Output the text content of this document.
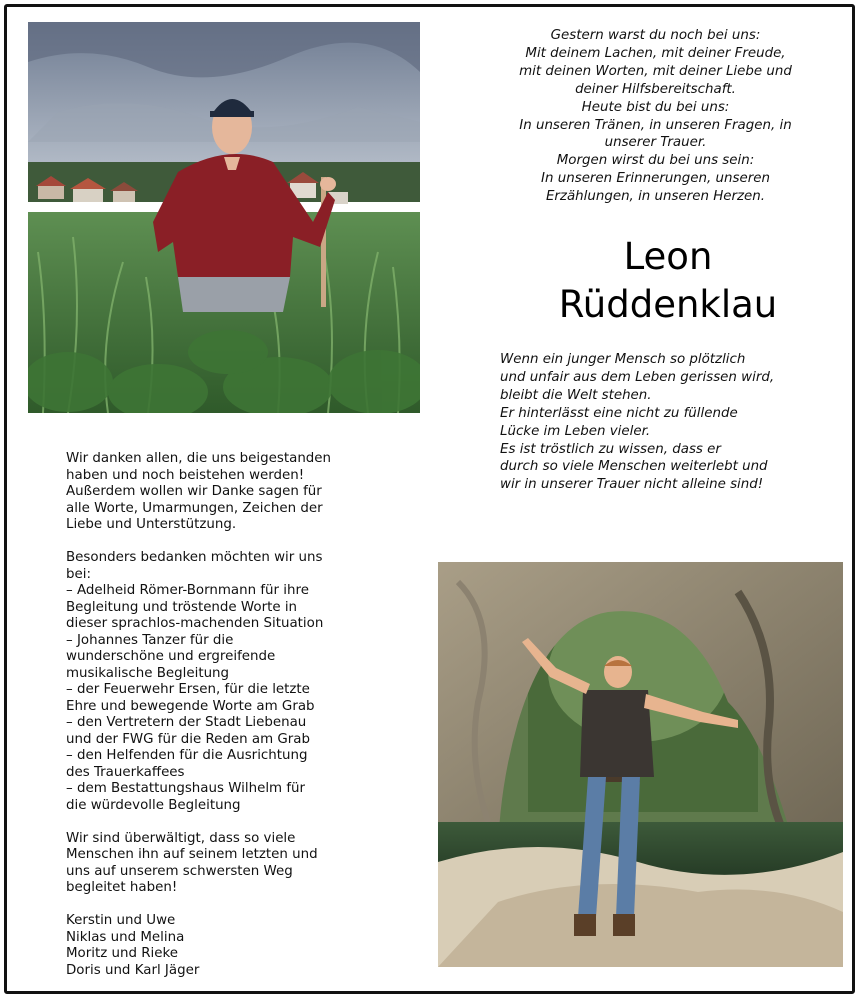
Gestern warst du noch bei uns:
Mit deinem Lachen, mit deiner Freude,
mit deinen Worten, mit deiner Liebe und
deiner Hilfsbereitschaft.
Heute bist du bei uns:
In unseren Tränen, in unseren Fragen, in
unserer Trauer.
Morgen wirst du bei uns sein:
In unseren Erinnerungen, unseren
Erzählungen, in unseren Herzen.
Leon
Rüddenklau
Wenn ein junger Mensch so plötzlich
und unfair aus dem Leben gerissen wird,
bleibt die Welt stehen.
Er hinterlässt eine nicht zu füllende
Lücke im Leben vieler.
Es ist tröstlich zu wissen, dass er
durch so viele Menschen weiterlebt und
wir in unserer Trauer nicht alleine sind!
Wir danken allen, die uns beigestanden
haben und noch beistehen werden!
Außerdem wollen wir Danke sagen für
alle Worte, Umarmungen, Zeichen der
Liebe und Unterstützung.
Besonders bedanken möchten wir uns
bei:
– Adelheid Römer-Bornmann für ihre
Begleitung und tröstende Worte in
dieser sprachlos-machenden Situation
– Johannes Tanzer für die
wunderschöne und ergreifende
musikalische Begleitung
– der Feuerwehr Ersen, für die letzte
Ehre und bewegende Worte am Grab
– den Vertretern der Stadt Liebenau
und der FWG für die Reden am Grab
– den Helfenden für die Ausrichtung
des Trauerkaffees
– dem Bestattungshaus Wilhelm für
die würdevolle Begleitung
Wir sind überwältigt, dass so viele
Menschen ihn auf seinem letzten und
uns auf unserem schwersten Weg
begleitet haben!
Kerstin und Uwe
Niklas und Melina
Moritz und Rieke
Doris und Karl Jäger
